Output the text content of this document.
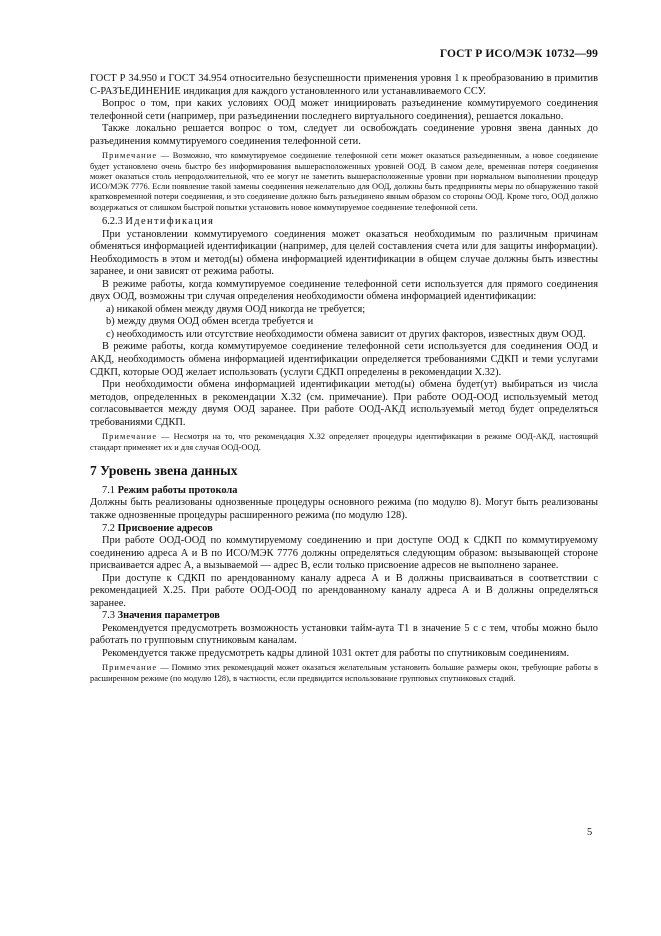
ГОСТ Р ИСО/МЭК 10732—99

ГОСТ Р 34.950 и ГОСТ 34.954 относительно безуспешности применения уровня 1 к преобразованию в примитив С-РАЗЪЕДИНЕНИЕ индикация для каждого установленного или устанавливаемого ССУ.

Вопрос о том, при каких условиях ООД может инициировать разъединение коммутируемого соединения телефонной сети (например, при разъединении последнего виртуального соединения), решается локально.

Также локально решается вопрос о том, следует ли освобождать соединение уровня звена данных до разъединения коммутируемого соединения телефонной сети.

Примечание — Возможно, что коммутируемое соединение телефонной сети может оказаться разъединенным, а новое соединение будет установлено очень быстро без информирования вышерасположенных уровней ООД. В самом деле, временная потеря соединения может оказаться столь непродолжительной, что ее могут не заметить вышерасположенные уровни при нормальном выполнении процедур ИСО/МЭК 7776. Если появление такой замены соединения нежелательно для ООД, должны быть предприняты меры по обнаружению такой кратковременной потери соединения, и это соединение должно быть разъединено явным образом со стороны ООД. Кроме того, ООД должно воздержаться от слишком быстрой попытки установить новое коммутируемое соединение телефонной сети.

6.2.3 Идентификация

При установлении коммутируемого соединения может оказаться необходимым по различным причинам обменяться информацией идентификации (например, для целей составления счета или для защиты информации). Необходимость в этом и метод(ы) обмена информацией идентификации в общем случае должны быть известны заранее, и они зависят от режима работы.

В режиме работы, когда коммутируемое соединение телефонной сети используется для прямого соединения двух ООД, возможны три случая определения необходимости обмена информацией идентификации:

а) никакой обмен между двумя ООД никогда не требуется;
b) между двумя ООД обмен всегда требуется и
c) необходимость или отсутствие необходимости обмена зависит от других факторов, известных двум ООД.

В режиме работы, когда коммутируемое соединение телефонной сети используется для соединения ООД и АКД, необходимость обмена информацией идентификации определяется требованиями СДКП и теми услугами СДКП, которые ООД желает использовать (услуги СДКП определены в рекомендации Х.32).

При необходимости обмена информацией идентификации метод(ы) обмена будет(ут) выбираться из числа методов, определенных в рекомендации Х.32 (см. примечание). При работе ООД-ООД используемый метод согласовывается между двумя ООД заранее. При работе ООД-АКД используемый метод будет определяться требованиями СДКП.

Примечание — Несмотря на то, что рекомендация Х.32 определяет процедуры идентификации в режиме ООД-АКД, настоящий стандарт применяет их и для случая ООД-ООД.

7 Уровень звена данных
7.1 Режим работы протокола

Должны быть реализованы однозвенные процедуры основного режима (по модулю 8). Могут быть реализованы также однозвенные процедуры расширенного режима (по модулю 128).

7.2 Присвоение адресов

При работе ООД-ООД по коммутируемому соединению и при доступе ООД к СДКП по коммутируемому соединению адреса А и В по ИСО/МЭК 7776 должны определяться следующим образом: вызывающей стороне присваивается адрес А, а вызываемой — адрес В, если только присвоение адресов не выполнено заранее.

При доступе к СДКП по арендованному каналу адреса А и В должны присваиваться в соответствии с рекомендацией Х.25. При работе ООД-ООД по арендованному каналу адреса А и В должны определяться заранее.

7.3 Значения параметров

Рекомендуется предусмотреть возможность установки тайм-аута Т1 в значение 5 с с тем, чтобы можно было работать по групповым спутниковым каналам.

Рекомендуется также предусмотреть кадры длиной 1031 октет для работы по спутниковым соединениям.

Примечание — Помимо этих рекомендаций может оказаться желательным установить большие размеры окон, требующие работы в расширенном режиме (по модулю 128), в частности, если предвидится использование групповых спутниковых стадий.

5
